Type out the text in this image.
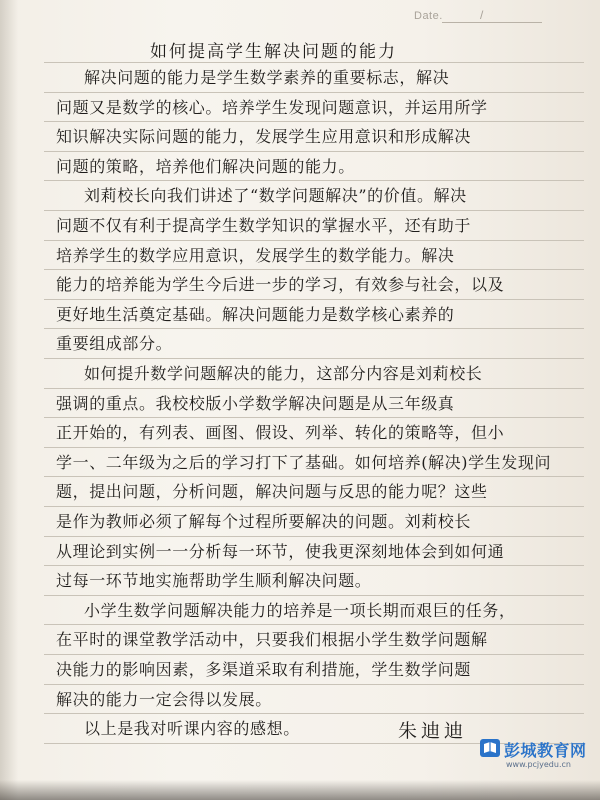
Date.	/
如何提高学生解决问题的能力
解决问题的能力是学生数学素养的重要标志，解决
问题又是数学的核心。培养学生发现问题意识，并运用所学
知识解决实际问题的能力，发展学生应用意识和形成解决
问题的策略，培养他们解决问题的能力。
刘莉校长向我们讲述了“数学问题解决”的价值。解决
问题不仅有利于提高学生数学知识的掌握水平，还有助于
培养学生的数学应用意识，发展学生的数学能力。解决
能力的培养能为学生今后进一步的学习，有效参与社会，以及
更好地生活奠定基础。解决问题能力是数学核心素养的
重要组成部分。
如何提升数学问题解决的能力，这部分内容是刘莉校长
强调的重点。我校校版小学数学解决问题是从三年级真
正开始的，有列表、画图、假设、列举、转化的策略等，但小
学一、二年级为之后的学习打下了基础。如何培养(解决)学生发现问
题，提出问题，分析问题，解决问题与反思的能力呢？这些
是作为教师必须了解每个过程所要解决的问题。刘莉校长
从理论到实例一一分析每一环节，使我更深刻地体会到如何通
过每一环节地实施帮助学生顺利解决问题。
小学生数学问题解决能力的培养是一项长期而艰巨的任务，
在平时的课堂教学活动中，只要我们根据小学生数学问题解
决能力的影响因素，多渠道采取有利措施，学生数学问题
解决的能力一定会得以发展。
以上是我对听课内容的感想。	朱迪迪
彭城教育网
www.pcjyedu.cn
